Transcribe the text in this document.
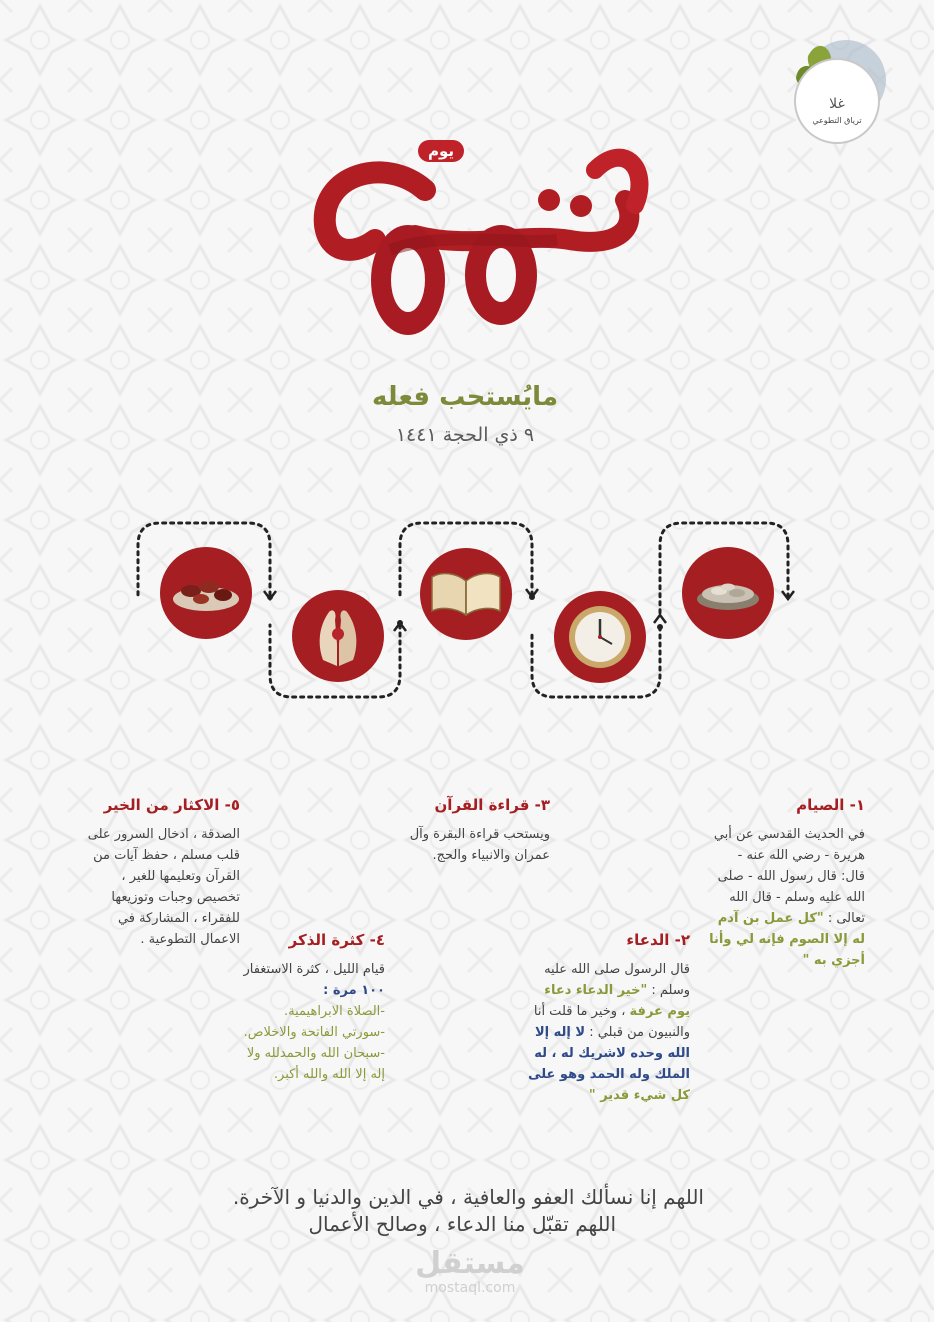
غلا
ترياق التطوعي
يوم
مايُستحب فعله
٩ ذي الحجة ١٤٤١
١- الصيام
في الحديث القدسي عن أبي
هريرة - رضي الله عنه -
قال: قال رسول الله - صلى
الله عليه وسلم - قال الله
تعالى : "كل عمل بن آدم
له إلا الصوم فإنه لي وأنا
أجزي به "
٢- الدعاء
قال الرسول صلى الله عليه
وسلم : "خير الدعاء دعاء
يوم عرفة ، وخير ما قلت أنا
والنبيون من قبلي : لا إله إلا
الله وحده لاشريك له ، له
الملك وله الحمد وهو على
كل شيء قدير "
٣- قراءة القرآن
ويستحب قراءة البقرة وآل
عمران والانبياء والحج.
٤- كثرة الذكر
قيام الليل ، كثرة الاستغفار
١٠٠ مرة :
-الصلاة الابراهيمية.
-سورتي الفاتحة والاخلاص.
-سبحان الله والحمدلله ولا
إله إلا الله والله أكبر.
٥- الاكثار من الخير
الصدقة ، ادخال السرور على
قلب مسلم ، حفظ آيات من
القرآن وتعليمها للغير ،
تخصيص وجبات وتوزيعها
للفقراء ، المشاركة في
الاعمال التطوعية .
اللهم إنا نسألك العفو والعافية ، في الدين والدنيا و الآخرة.
اللهم تقبّل منا الدعاء ، وصالح الأعمال
مستقل
mostaql.com
